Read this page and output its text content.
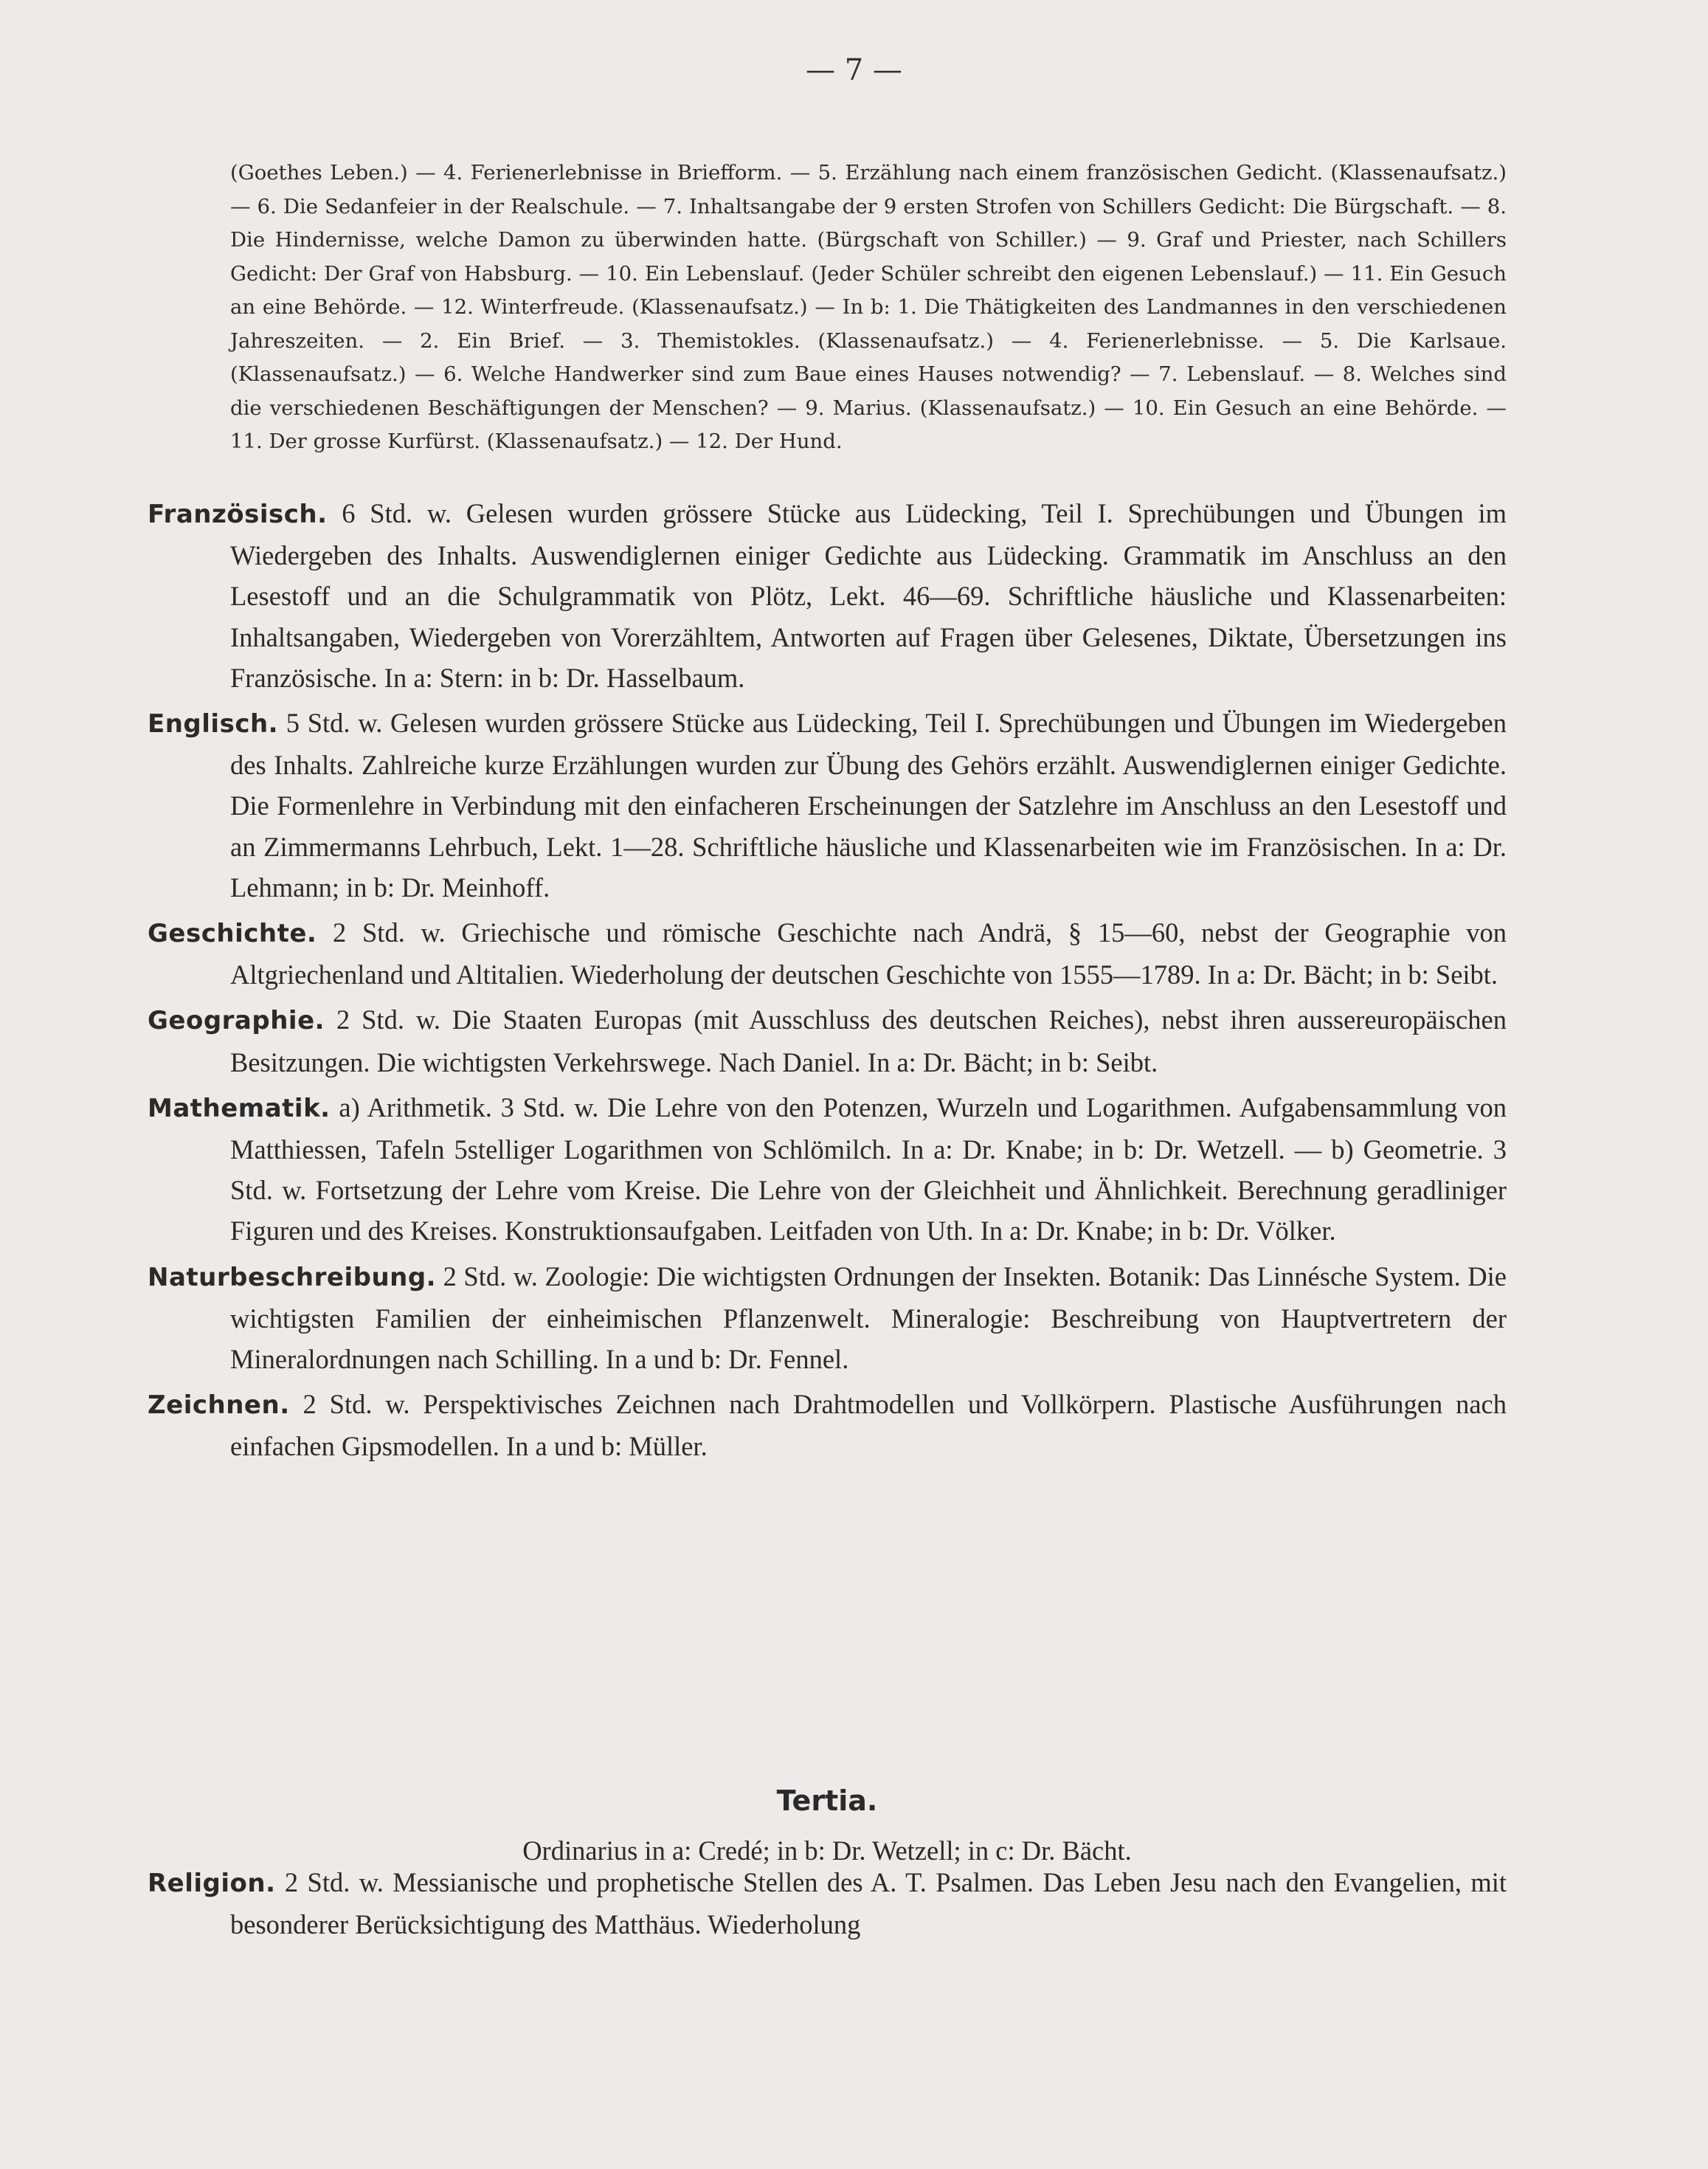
— 7 —
(Goethes Leben.) — 4. Ferienerlebnisse in Briefform. — 5. Erzählung nach einem französischen Gedicht. (Klassenaufsatz.) — 6. Die Sedanfeier in der Realschule. — 7. Inhaltsangabe der 9 ersten Strofen von Schillers Gedicht: Die Bürgschaft. — 8. Die Hindernisse, welche Damon zu überwinden hatte. (Bürgschaft von Schiller.) — 9. Graf und Priester, nach Schillers Gedicht: Der Graf von Habsburg. — 10. Ein Lebenslauf. (Jeder Schüler schreibt den eigenen Lebenslauf.) — 11. Ein Gesuch an eine Behörde. — 12. Winterfreude. (Klassenaufsatz.) — In b: 1. Die Thätigkeiten des Landmannes in den verschiedenen Jahreszeiten. — 2. Ein Brief. — 3. Themistokles. (Klassenaufsatz.) — 4. Ferienerlebnisse. — 5. Die Karlsaue. (Klassenaufsatz.) — 6. Welche Handwerker sind zum Baue eines Hauses notwendig? — 7. Lebenslauf. — 8. Welches sind die verschiedenen Beschäftigungen der Menschen? — 9. Marius. (Klassenaufsatz.) — 10. Ein Gesuch an eine Behörde. — 11. Der grosse Kurfürst. (Klassenaufsatz.) — 12. Der Hund.
Französisch. 6 Std. w. Gelesen wurden grössere Stücke aus Lüdecking, Teil I. Sprechübungen und Übungen im Wiedergeben des Inhalts. Auswendiglernen einiger Gedichte aus Lüdecking. Grammatik im Anschluss an den Lesestoff und an die Schulgrammatik von Plötz, Lekt. 46—69. Schriftliche häusliche und Klassenarbeiten: Inhaltsangaben, Wiedergeben von Vorerzähltem, Antworten auf Fragen über Gelesenes, Diktate, Übersetzungen ins Französische. In a: Stern: in b: Dr. Hasselbaum.
Englisch. 5 Std. w. Gelesen wurden grössere Stücke aus Lüdecking, Teil I. Sprechübungen und Übungen im Wiedergeben des Inhalts. Zahlreiche kurze Erzählungen wurden zur Übung des Gehörs erzählt. Auswendiglernen einiger Gedichte. Die Formenlehre in Verbindung mit den einfacheren Erscheinungen der Satzlehre im Anschluss an den Lesestoff und an Zimmermanns Lehrbuch, Lekt. 1—28. Schriftliche häusliche und Klassenarbeiten wie im Französischen. In a: Dr. Lehmann; in b: Dr. Meinhoff.
Geschichte. 2 Std. w. Griechische und römische Geschichte nach Andrä, § 15—60, nebst der Geographie von Altgriechenland und Altitalien. Wiederholung der deutschen Geschichte von 1555—1789. In a: Dr. Bächt; in b: Seibt.
Geographie. 2 Std. w. Die Staaten Europas (mit Ausschluss des deutschen Reiches), nebst ihren aussereuropäischen Besitzungen. Die wichtigsten Verkehrswege. Nach Daniel. In a: Dr. Bächt; in b: Seibt.
Mathematik. a) Arithmetik. 3 Std. w. Die Lehre von den Potenzen, Wurzeln und Logarithmen. Aufgabensammlung von Matthiessen, Tafeln 5stelliger Logarithmen von Schlömilch. In a: Dr. Knabe; in b: Dr. Wetzell. — b) Geometrie. 3 Std. w. Fortsetzung der Lehre vom Kreise. Die Lehre von der Gleichheit und Ähnlichkeit. Berechnung geradliniger Figuren und des Kreises. Konstruktionsaufgaben. Leitfaden von Uth. In a: Dr. Knabe; in b: Dr. Völker.
Naturbeschreibung. 2 Std. w. Zoologie: Die wichtigsten Ordnungen der Insekten. Botanik: Das Linnésche System. Die wichtigsten Familien der einheimischen Pflanzenwelt. Mineralogie: Beschreibung von Hauptvertretern der Mineralordnungen nach Schilling. In a und b: Dr. Fennel.
Zeichnen. 2 Std. w. Perspektivisches Zeichnen nach Drahtmodellen und Vollkörpern. Plastische Ausführungen nach einfachen Gipsmodellen. In a und b: Müller.
Tertia.
Ordinarius in a: Credé; in b: Dr. Wetzell; in c: Dr. Bächt.
Religion. 2 Std. w. Messianische und prophetische Stellen des A. T. Psalmen. Das Leben Jesu nach den Evangelien, mit besonderer Berücksichtigung des Matthäus. Wiederholung
